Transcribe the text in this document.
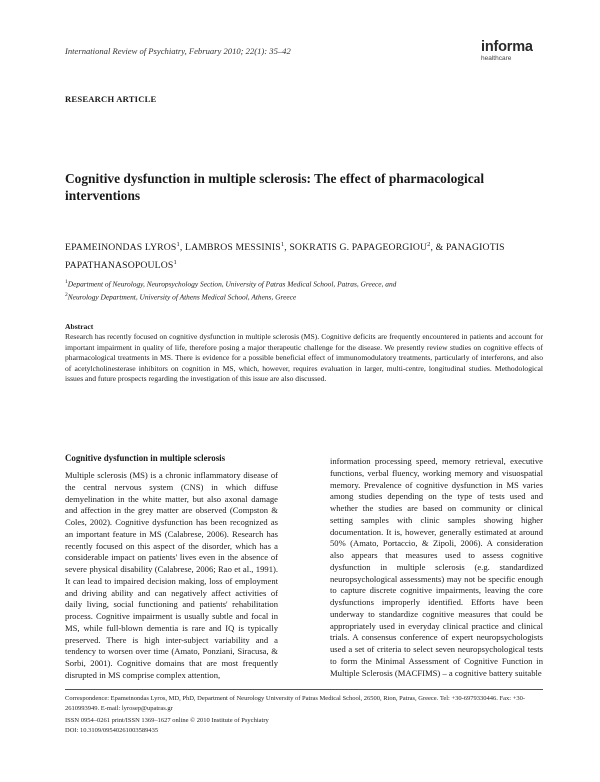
International Review of Psychiatry, February 2010; 22(1): 35–42	informa
healthcare
RESEARCH ARTICLE
Cognitive dysfunction in multiple sclerosis: The effect of pharmacological interventions
EPAMEINONDAS LYROS$^1$, LAMBROS MESSINIS$^1$, SOKRATIS G. PAPAGEORGIOU$^2$, & PANAGIOTIS PAPATHANASOPOULOS$^1$
$^1$Department of Neurology, Neuropsychology Section, University of Patras Medical School, Patras, Greece, and
$^2$Neurology Department, University of Athens Medical School, Athens, Greece
Abstract
Research has recently focused on cognitive dysfunction in multiple sclerosis (MS). Cognitive deficits are frequently encountered in patients and account for important impairment in quality of life, therefore posing a major therapeutic challenge for the disease. We presently review studies on cognitive effects of pharmacological treatments in MS. There is evidence for a possible beneficial effect of immunomodulatory treatments, particularly of interferons, and also of acetylcholinesterase inhibitors on cognition in MS, which, however, requires evaluation in larger, multi-centre, longitudinal studies. Methodological issues and future prospects regarding the investigation of this issue are also discussed.
Cognitive dysfunction in multiple sclerosis
Multiple sclerosis (MS) is a chronic inflammatory disease of the central nervous system (CNS) in which diffuse demyelination in the white matter, but also axonal damage and affection in the grey matter are observed (Compston & Coles, 2002). Cognitive dysfunction has been recognized as an important feature in MS (Calabrese, 2006). Research has recently focused on this aspect of the disorder, which has a considerable impact on patients' lives even in the absence of severe physical disability (Calabrese, 2006; Rao et al., 1991). It can lead to impaired decision making, loss of employment and driving ability and can negatively affect activities of daily living, social functioning and patients' rehabilitation process. Cognitive impairment is usually subtle and focal in MS, while full-blown dementia is rare and IQ is typically preserved. There is high inter-subject variability and a tendency to worsen over time (Amato, Ponziani, Siracusa, & Sorbi, 2001). Cognitive domains that are most frequently disrupted in MS comprise complex attention,
information processing speed, memory retrieval, executive functions, verbal fluency, working memory and visuospatial memory. Prevalence of cognitive dysfunction in MS varies among studies depending on the type of tests used and whether the studies are based on community or clinical setting samples with clinic samples showing higher documentation. It is, however, generally estimated at around 50% (Amato, Portaccio, & Zipoli, 2006). A consideration also appears that measures used to assess cognitive dysfunction in multiple sclerosis (e.g. standardized neuropsychological assessments) may not be specific enough to capture discrete cognitive impairments, leaving the core dysfunctions improperly identified. Efforts have been underway to standardize cognitive measures that could be appropriately used in everyday clinical practice and clinical trials. A consensus conference of expert neuropsychologists used a set of criteria to select seven neuropsychological tests to form the Minimal Assessment of Cognitive Function in Multiple Sclerosis (MACFIMS) – a cognitive battery suitable
Correspondence: Epameinondas Lyros, MD, PhD, Department of Neurology University of Patras Medical School, 26500, Rion, Patras, Greece. Tel: +30-6979330446. Fax: +30-2610993949. E-mail: lyrosep@upatras.gr
ISSN 0954–0261 print/ISSN 1369–1627 online © 2010 Institute of Psychiatry
DOI: 10.3109/09540261003589435
